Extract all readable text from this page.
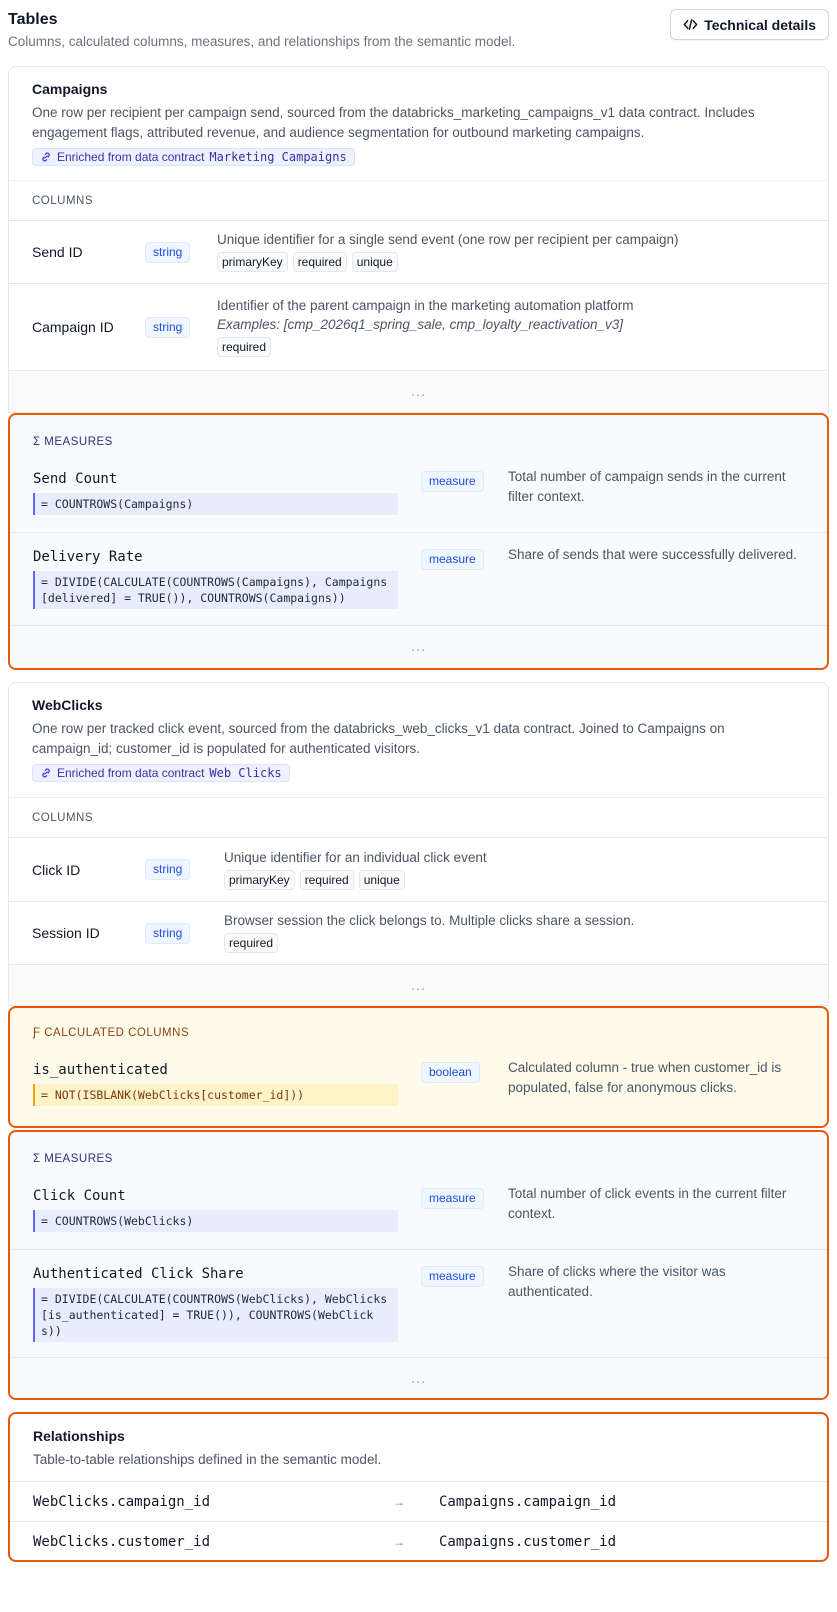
Tables
Columns, calculated columns, measures, and relationships from the semantic model.
Technical details
Campaigns
One row per recipient per campaign send, sourced from the databricks_marketing_campaigns_v1 data contract. Includes engagement flags, attributed revenue, and audience segmentation for outbound marketing campaigns.
Enriched from data contract Marketing Campaigns
COLUMNS
Send ID	string
Unique identifier for a single send event (one row per recipient per campaign)
primaryKey	required	unique
Campaign ID	string
Identifier of the parent campaign in the marketing automation platform
Examples: [cmp_2026q1_spring_sale, cmp_loyalty_reactivation_v3]
required
...
Σ MEASURES
Send Count
= COUNTROWS(Campaigns)
measure	Total number of campaign sends in the current filter context.
Delivery Rate
= DIVIDE(CALCULATE(COUNTROWS(Campaigns), Campaigns[delivered] = TRUE()), COUNTROWS(Campaigns))
measure	Share of sends that were successfully delivered.
...
WebClicks
One row per tracked click event, sourced from the databricks_web_clicks_v1 data contract. Joined to Campaigns on campaign_id; customer_id is populated for authenticated visitors.
Enriched from data contract Web Clicks
COLUMNS
Click ID	string
Unique identifier for an individual click event
primaryKey	required	unique
Session ID	string
Browser session the click belongs to. Multiple clicks share a session.
required
...
Ƒ CALCULATED COLUMNS
is_authenticated
= NOT(ISBLANK(WebClicks[customer_id]))
boolean	Calculated column - true when customer_id is populated, false for anonymous clicks.
Σ MEASURES
Click Count
= COUNTROWS(WebClicks)
measure	Total number of click events in the current filter context.
Authenticated Click Share
= DIVIDE(CALCULATE(COUNTROWS(WebClicks), WebClicks[is_authenticated] = TRUE()), COUNTROWS(WebClicks))
measure	Share of clicks where the visitor was authenticated.
...
Relationships
Table-to-table relationships defined in the semantic model.
WebClicks.campaign_id	→	Campaigns.campaign_id
WebClicks.customer_id	→	Campaigns.customer_id
